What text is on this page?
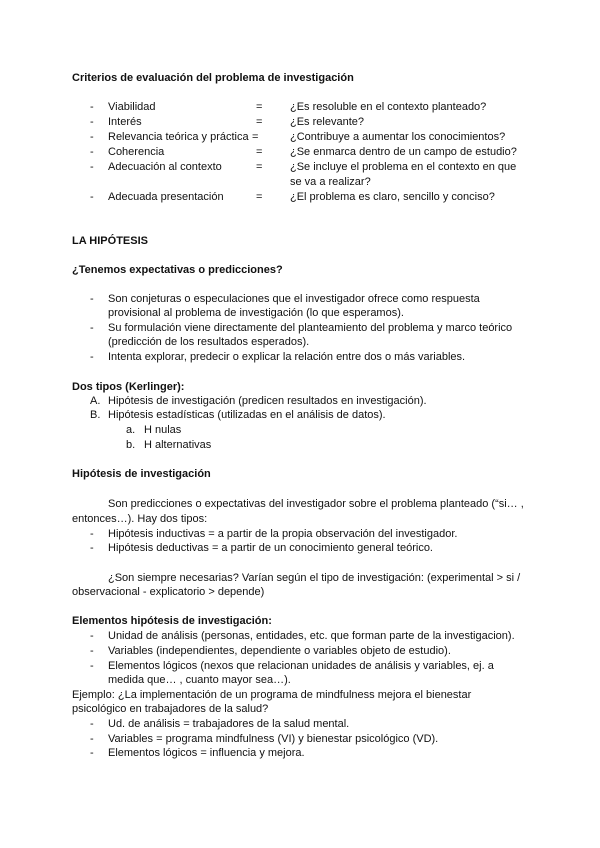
Criterios de evaluación del problema de investigación
- Viabilidad	=	¿Es resoluble en el contexto planteado?
- Interés	=	¿Es relevante?
- Relevancia teórica y práctica =	¿Contribuye a aumentar los conocimientos?
- Coherencia	=	¿Se enmarca dentro de un campo de estudio?
- Adecuación al contexto	=	¿Se incluye el problema en el contexto en que
se va a realizar?
- Adecuada presentación	=	¿El problema es claro, sencillo y conciso?
LA HIPÓTESIS
¿Tenemos expectativas o predicciones?
- Son conjeturas o especulaciones que el investigador ofrece como respuesta
provisional al problema de investigación (lo que esperamos).
- Su formulación viene directamente del planteamiento del problema y marco teórico
(predicción de los resultados esperados).
- Intenta explorar, predecir o explicar la relación entre dos o más variables.
Dos tipos (Kerlinger):
A. Hipótesis de investigación (predicen resultados en investigación).
B. Hipótesis estadísticas (utilizadas en el análisis de datos).
a. H nulas
b. H alternativas
Hipótesis de investigación
Son predicciones o expectativas del investigador sobre el problema planteado (“si… ,
entonces…). Hay dos tipos:
- Hipótesis inductivas = a partir de la propia observación del investigador.
- Hipótesis deductivas = a partir de un conocimiento general teórico.
¿Son siempre necesarias? Varían según el tipo de investigación: (experimental > si /
observacional - explicatorio > depende)
Elementos hipótesis de investigación:
- Unidad de análisis (personas, entidades, etc. que forman parte de la investigacion).
- Variables (independientes, dependiente o variables objeto de estudio).
- Elementos lógicos (nexos que relacionan unidades de análisis y variables, ej. a
medida que… , cuanto mayor sea…).
Ejemplo: ¿La implementación de un programa de mindfulness mejora el bienestar
psicológico en trabajadores de la salud?
- Ud. de análisis = trabajadores de la salud mental.
- Variables = programa mindfulness (VI) y bienestar psicológico (VD).
- Elementos lógicos = influencia y mejora.
